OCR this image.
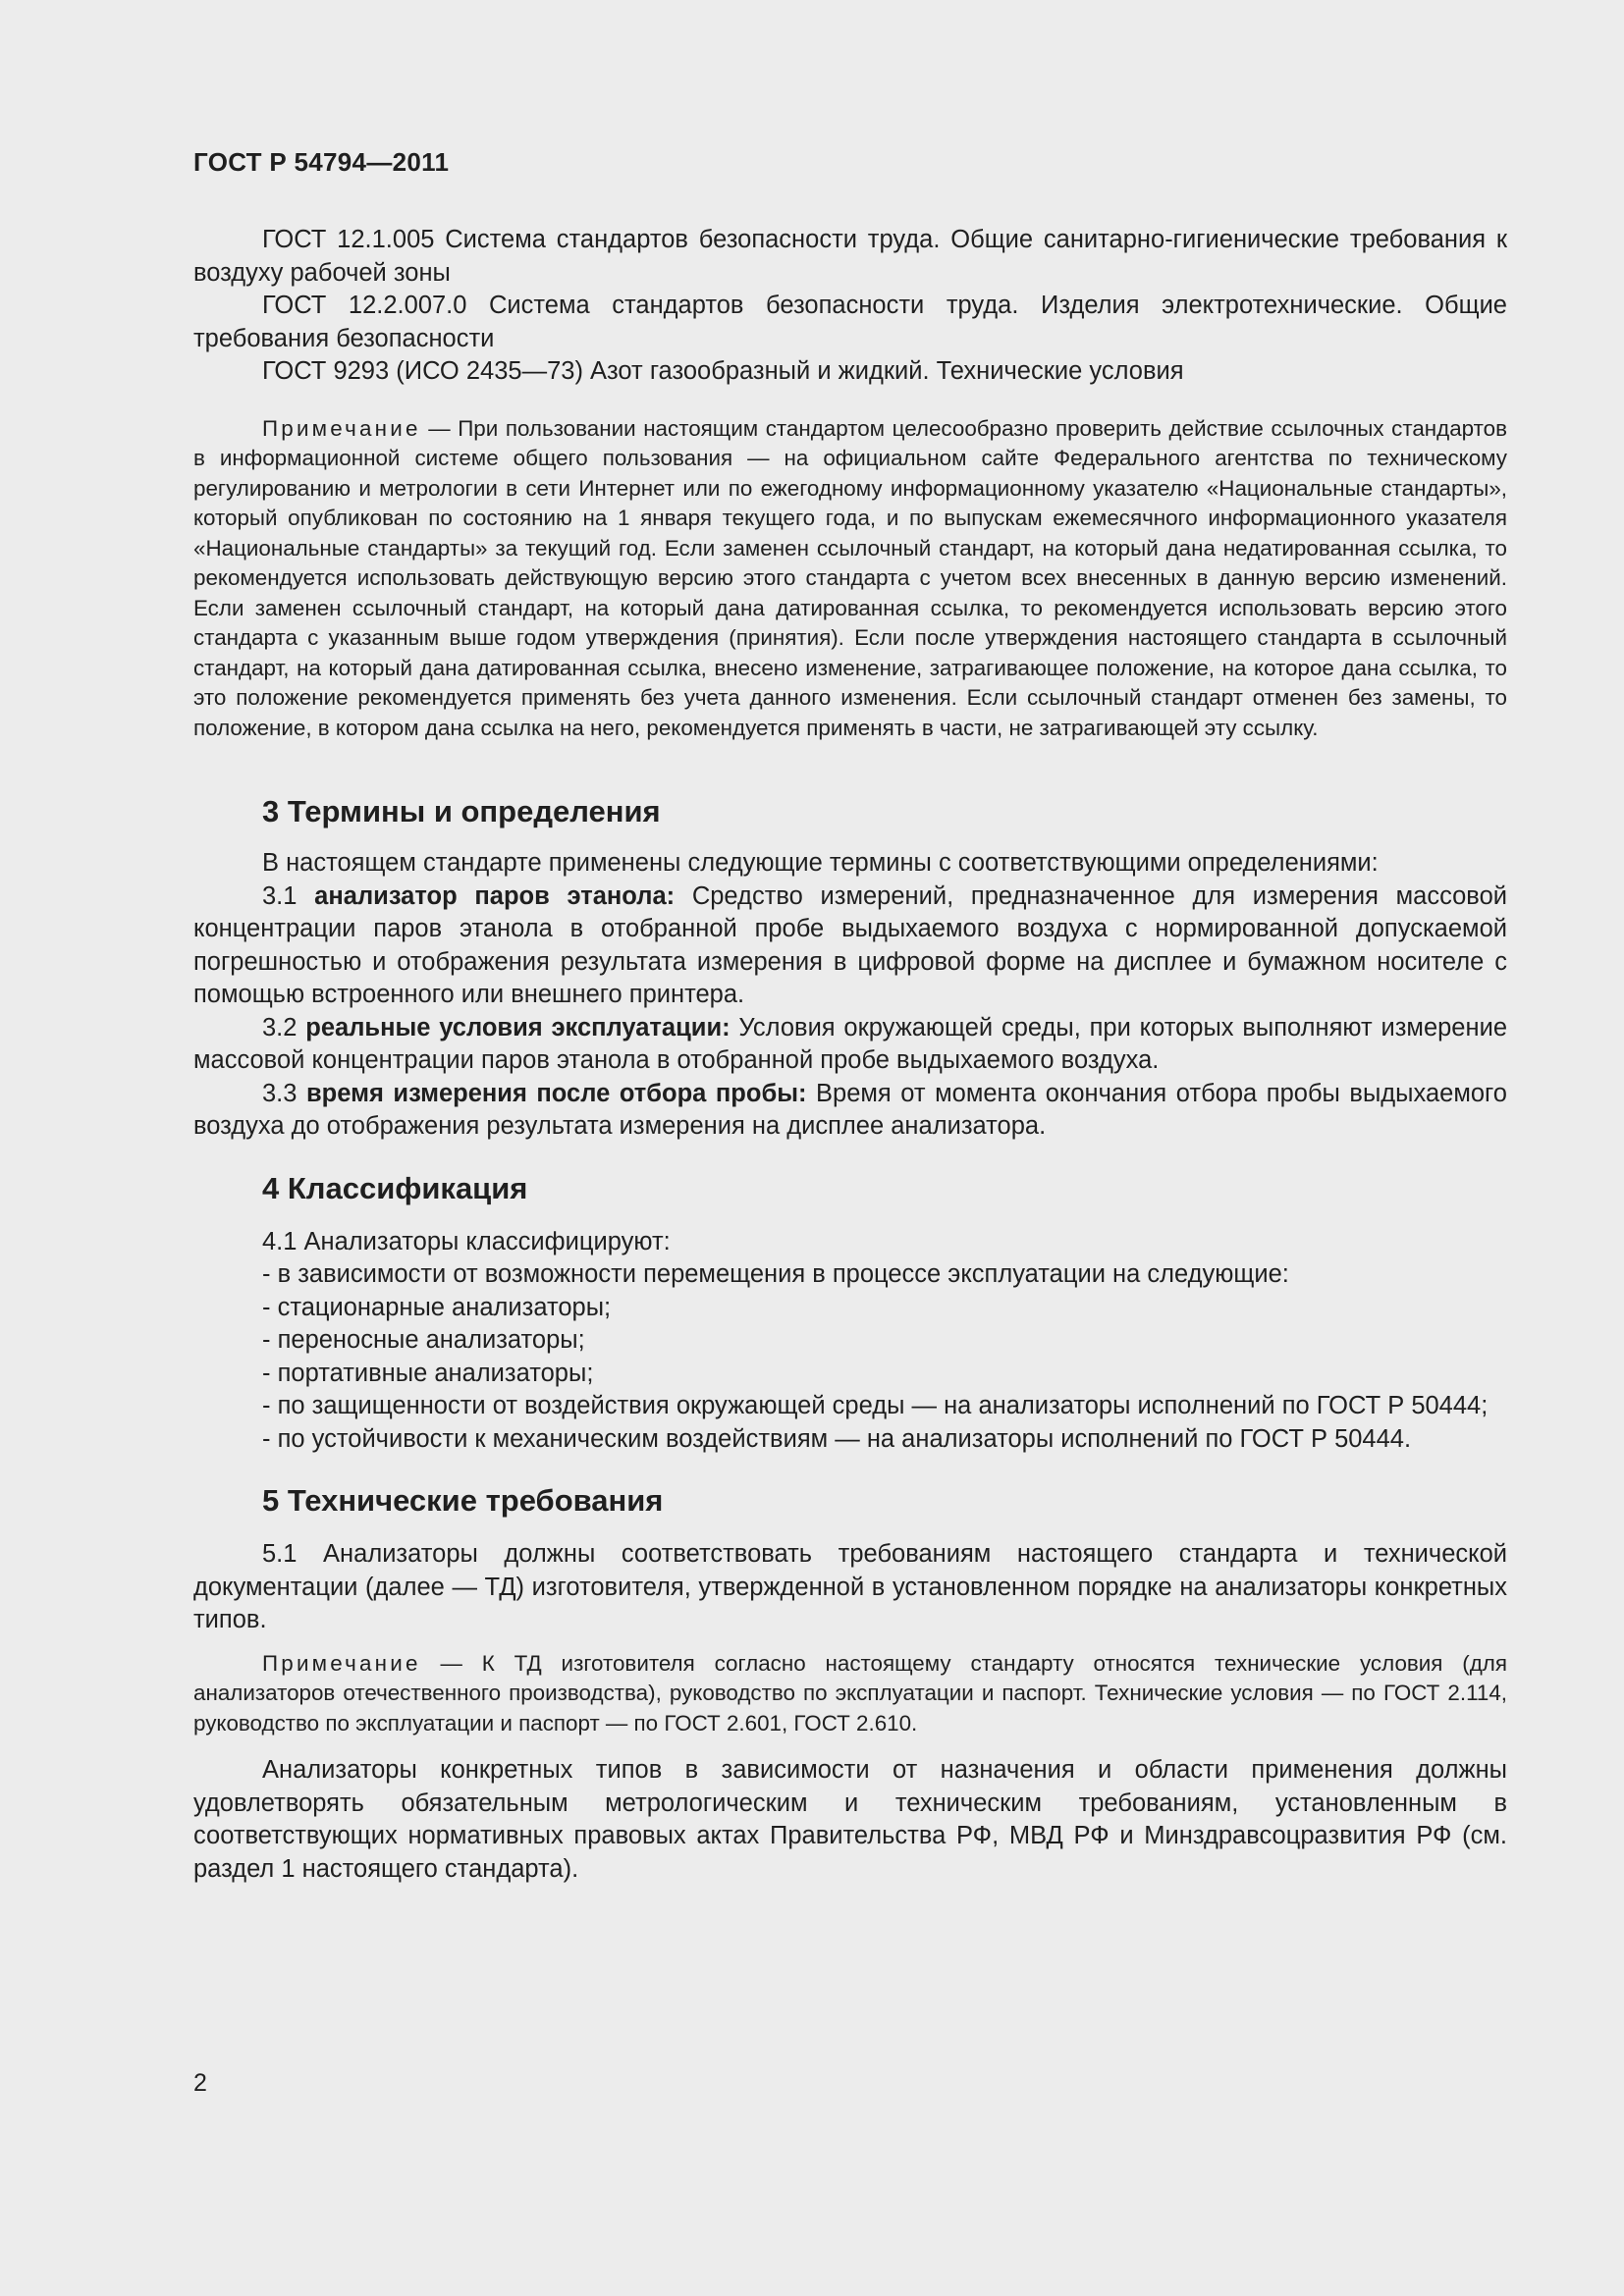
ГОСТ Р 54794—2011

ГОСТ 12.1.005 Система стандартов безопасности труда. Общие санитарно-гигиенические требования к воздуху рабочей зоны

ГОСТ 12.2.007.0 Система стандартов безопасности труда. Изделия электротехнические. Общие требования безопасности

ГОСТ 9293 (ИСО 2435—73) Азот газообразный и жидкий. Технические условия

Примечание — При пользовании настоящим стандартом целесообразно проверить действие ссылочных стандартов в информационной системе общего пользования — на официальном сайте Федерального агентства по техническому регулированию и метрологии в сети Интернет или по ежегодному информационному указателю «Национальные стандарты», который опубликован по состоянию на 1 января текущего года, и по выпускам ежемесячного информационного указателя «Национальные стандарты» за текущий год. Если заменен ссылочный стандарт, на который дана недатированная ссылка, то рекомендуется использовать действующую версию этого стандарта с учетом всех внесенных в данную версию изменений. Если заменен ссылочный стандарт, на который дана датированная ссылка, то рекомендуется использовать версию этого стандарта с указанным выше годом утверждения (принятия). Если после утверждения настоящего стандарта в ссылочный стандарт, на который дана датированная ссылка, внесено изменение, затрагивающее положение, на которое дана ссылка, то это положение рекомендуется применять без учета данного изменения. Если ссылочный стандарт отменен без замены, то положение, в котором дана ссылка на него, рекомендуется применять в части, не затрагивающей эту ссылку.

3 Термины и определения

В настоящем стандарте применены следующие термины с соответствующими определениями:

3.1 анализатор паров этанола: Средство измерений, предназначенное для измерения массовой концентрации паров этанола в отобранной пробе выдыхаемого воздуха с нормированной допускаемой погрешностью и отображения результата измерения в цифровой форме на дисплее и бумажном носителе с помощью встроенного или внешнего принтера.

3.2 реальные условия эксплуатации: Условия окружающей среды, при которых выполняют измерение массовой концентрации паров этанола в отобранной пробе выдыхаемого воздуха.

3.3 время измерения после отбора пробы: Время от момента окончания отбора пробы выдыхаемого воздуха до отображения результата измерения на дисплее анализатора.

4 Классификация

4.1 Анализаторы классифицируют:

- в зависимости от возможности перемещения в процессе эксплуатации на следующие:

- стационарные анализаторы;

- переносные анализаторы;

- портативные анализаторы;

- по защищенности от воздействия окружающей среды — на анализаторы исполнений по ГОСТ Р 50444;

- по устойчивости к механическим воздействиям — на анализаторы исполнений по ГОСТ Р 50444.

5 Технические требования

5.1 Анализаторы должны соответствовать требованиям настоящего стандарта и технической документации (далее — ТД) изготовителя, утвержденной в установленном порядке на анализаторы конкретных типов.

Примечание — К ТД изготовителя согласно настоящему стандарту относятся технические условия (для анализаторов отечественного производства), руководство по эксплуатации и паспорт. Технические условия — по ГОСТ 2.114, руководство по эксплуатации и паспорт — по ГОСТ 2.601, ГОСТ 2.610.

Анализаторы конкретных типов в зависимости от назначения и области применения должны удовлетворять обязательным метрологическим и техническим требованиям, установленным в соответствующих нормативных правовых актах Правительства РФ, МВД РФ и Минздравсоцразвития РФ (см. раздел 1 настоящего стандарта).

2
